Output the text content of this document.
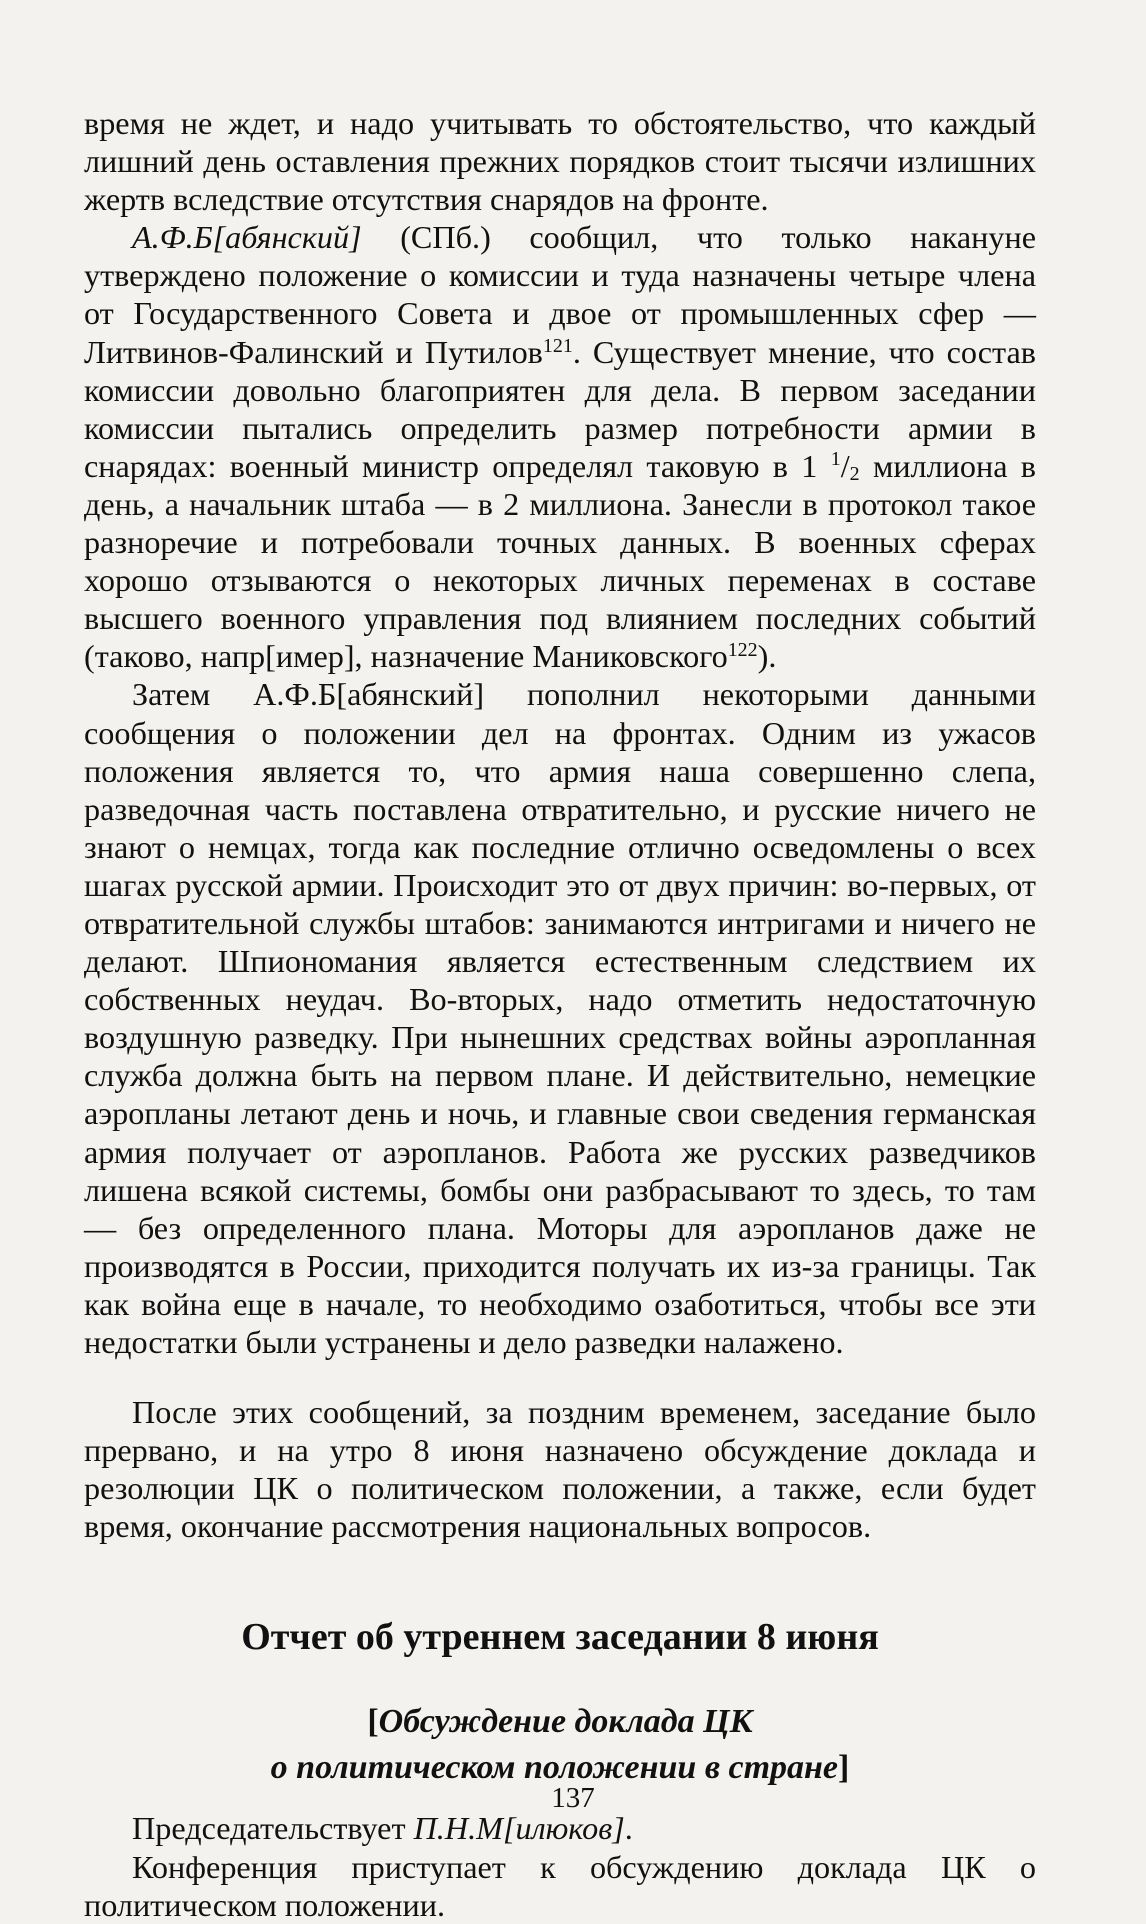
время не ждет, и надо учитывать то обстоятельство, что каждый лишний день оставления прежних порядков стоит тысячи излишних жертв вследствие отсутствия снарядов на фронте.

А.Ф.Б[абянский] (СПб.) сообщил, что только накануне утверждено положение о комиссии и туда назначены четыре члена от Государственного Совета и двое от промышленных сфер — Литвинов-Фалинский и Путилов$^{121}$. Существует мнение, что состав комиссии довольно благоприятен для дела. В первом заседании комиссии пытались определить размер потребности армии в снарядах: военный министр определял таковую в 1 $^1/_2$ миллиона в день, а начальник штаба — в 2 миллиона. Занесли в протокол такое разноречие и потребовали точных данных. В военных сферах хорошо отзываются о некоторых личных переменах в составе высшего военного управления под влиянием последних событий (таково, напр[имер], назначение Маниковского$^{122}$).

Затем А.Ф.Б[абянский] пополнил некоторыми данными сообщения о положении дел на фронтах. Одним из ужасов положения является то, что армия наша совершенно слепа, разведочная часть поставлена отвратительно, и русские ничего не знают о немцах, тогда как последние отлично осведомлены о всех шагах русской армии. Происходит это от двух причин: во-первых, от отвратительной службы штабов: занимаются интригами и ничего не делают. Шпиономания является естественным следствием их собственных неудач. Во-вторых, надо отметить недостаточную воздушную разведку. При нынешних средствах войны аэропланная служба должна быть на первом плане. И действительно, немецкие аэропланы летают день и ночь, и главные свои сведения германская армия получает от аэропланов. Работа же русских разведчиков лишена всякой системы, бомбы они разбрасывают то здесь, то там — без определенного плана. Моторы для аэропланов даже не производятся в России, приходится получать их из-за границы. Так как война еще в начале, то необходимо озаботиться, чтобы все эти недостатки были устранены и дело разведки налажено.

После этих сообщений, за поздним временем, заседание было прервано, и на утро 8 июня назначено обсуждение доклада и резолюции ЦК о политическом положении, а также, если будет время, окончание рассмотрения национальных вопросов.

Отчет об утреннем заседании 8 июня
[Обсуждение доклада ЦК
о политическом положении в стране]

Председательствует П.Н.М[илюков].

Конференция приступает к обсуждению доклада ЦК о политическом положении.

137
